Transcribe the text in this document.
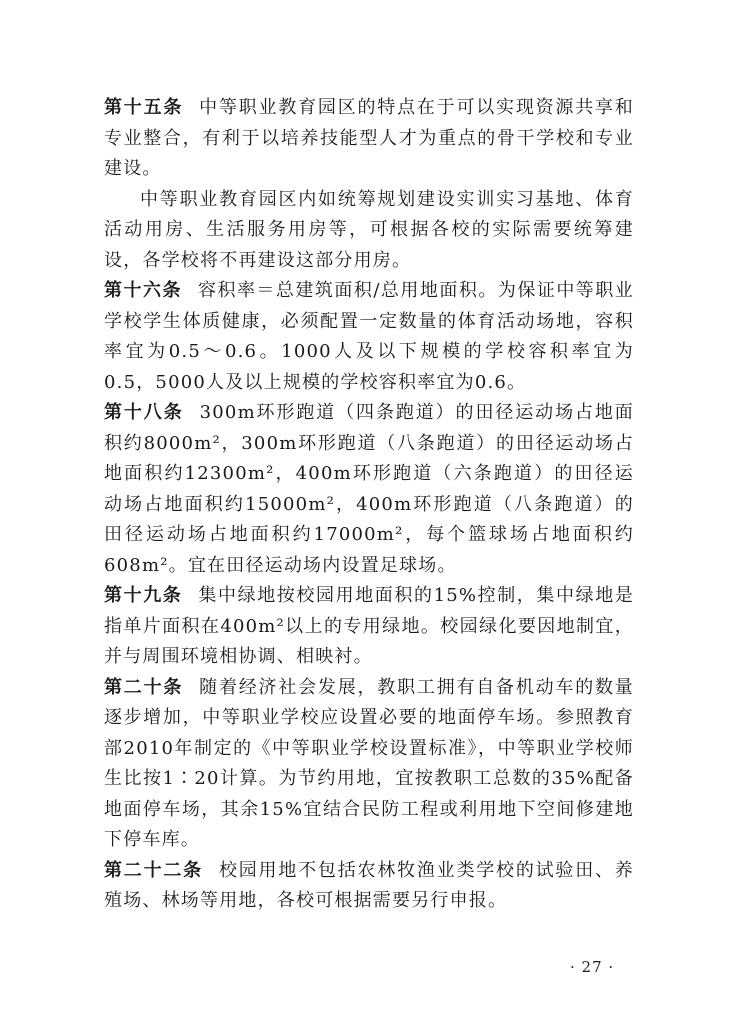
第十五条 中等职业教育园区的特点在于可以实现资源共享和专业整合，有利于以培养技能型人才为重点的骨干学校和专业建设。

中等职业教育园区内如统筹规划建设实训实习基地、体育活动用房、生活服务用房等，可根据各校的实际需要统筹建设，各学校将不再建设这部分用房。

第十六条 容积率＝总建筑面积/总用地面积。为保证中等职业学校学生体质健康，必须配置一定数量的体育活动场地，容积率宜为0.5～0.6。1000人及以下规模的学校容积率宜为0.5，5000人及以上规模的学校容积率宜为0.6。

第十八条 300m环形跑道（四条跑道）的田径运动场占地面积约8000m²，300m环形跑道（八条跑道）的田径运动场占地面积约12300m²，400m环形跑道（六条跑道）的田径运动场占地面积约15000m²，400m环形跑道（八条跑道）的田径运动场占地面积约17000m²，每个篮球场占地面积约608m²。宜在田径运动场内设置足球场。

第十九条 集中绿地按校园用地面积的15%控制，集中绿地是指单片面积在400m²以上的专用绿地。校园绿化要因地制宜，并与周围环境相协调、相映衬。

第二十条 随着经济社会发展，教职工拥有自备机动车的数量逐步增加，中等职业学校应设置必要的地面停车场。参照教育部2010年制定的《中等职业学校设置标准》，中等职业学校师生比按1∶20计算。为节约用地，宜按教职工总数的35%配备地面停车场，其余15%宜结合民防工程或利用地下空间修建地下停车库。

第二十二条 校园用地不包括农林牧渔业类学校的试验田、养殖场、林场等用地，各校可根据需要另行申报。

· 27 ·
